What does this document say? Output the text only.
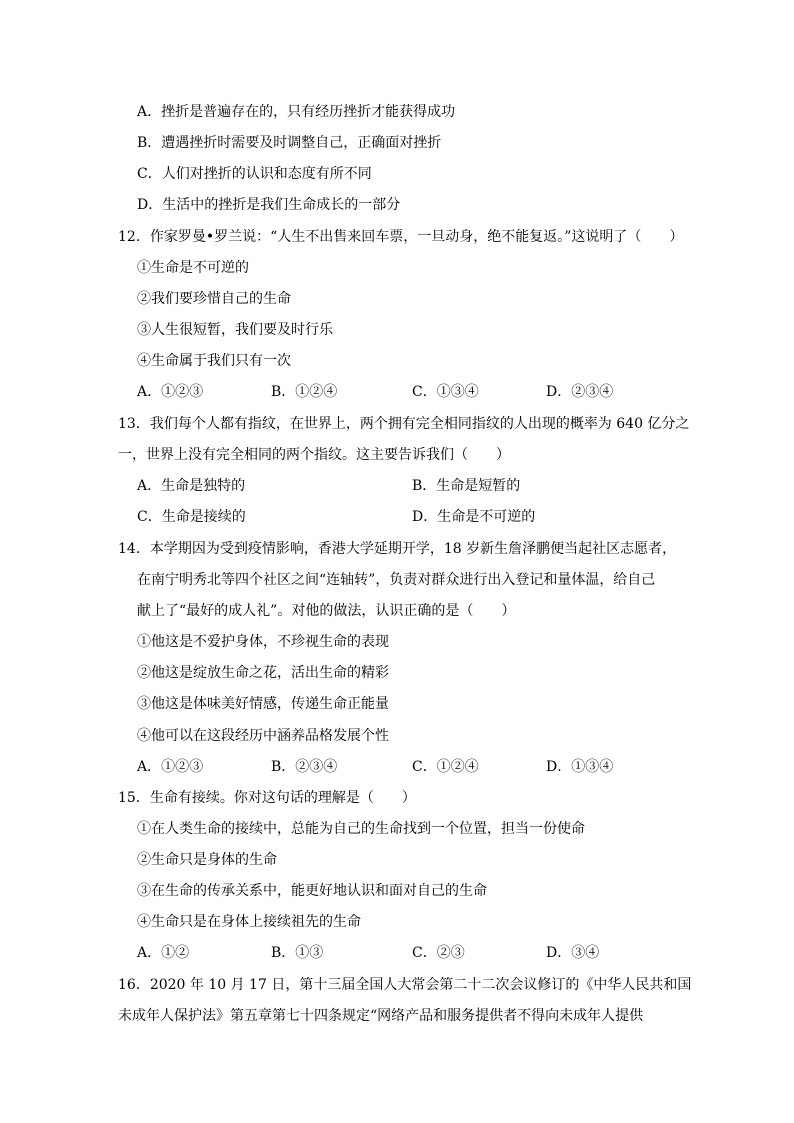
A．挫折是普遍存在的，只有经历挫折才能获得成功
B．遭遇挫折时需要及时调整自己，正确面对挫折
C．人们对挫折的认识和态度有所不同
D．生活中的挫折是我们生命成长的一部分
12．作家罗曼•罗兰说：“人生不出售来回车票，一旦动身，绝不能复返。”这说明了（　　）
①生命是不可逆的
②我们要珍惜自己的生命
③人生很短暂，我们要及时行乐
④生命属于我们只有一次
A．①②③	B．①②④	C．①③④	D．②③④
13．我们每个人都有指纹，在世界上，两个拥有完全相同指纹的人出现的概率为 640 亿分之
一，世界上没有完全相同的两个指纹。这主要告诉我们（　　）
A．生命是独特的	B．生命是短暂的
C．生命是接续的	D．生命是不可逆的
14．本学期因为受到疫情影响，香港大学延期开学，18 岁新生詹泽鹏便当起社区志愿者，
在南宁明秀北等四个社区之间“连轴转”，负责对群众进行出入登记和量体温，给自己
献上了“最好的成人礼”。对他的做法，认识正确的是（　　）
①他这是不爱护身体，不珍视生命的表现
②他这是绽放生命之花，活出生命的精彩
③他这是体味美好情感，传递生命正能量
④他可以在这段经历中涵养品格发展个性
A．①②③	B．②③④	C．①②④	D．①③④
15．生命有接续。你对这句话的理解是（　　）
①在人类生命的接续中，总能为自己的生命找到一个位置，担当一份使命
②生命只是身体的生命
③在生命的传承关系中，能更好地认识和面对自己的生命
④生命只是在身体上接续祖先的生命
A．①②	B．①③	C．②③	D．③④
16．2020 年 10 月 17 日，第十三届全国人大常会第二十二次会议修订的《中华人民共和国
未成年人保护法》第五章第七十四条规定“网络产品和服务提供者不得向未成年人提供
